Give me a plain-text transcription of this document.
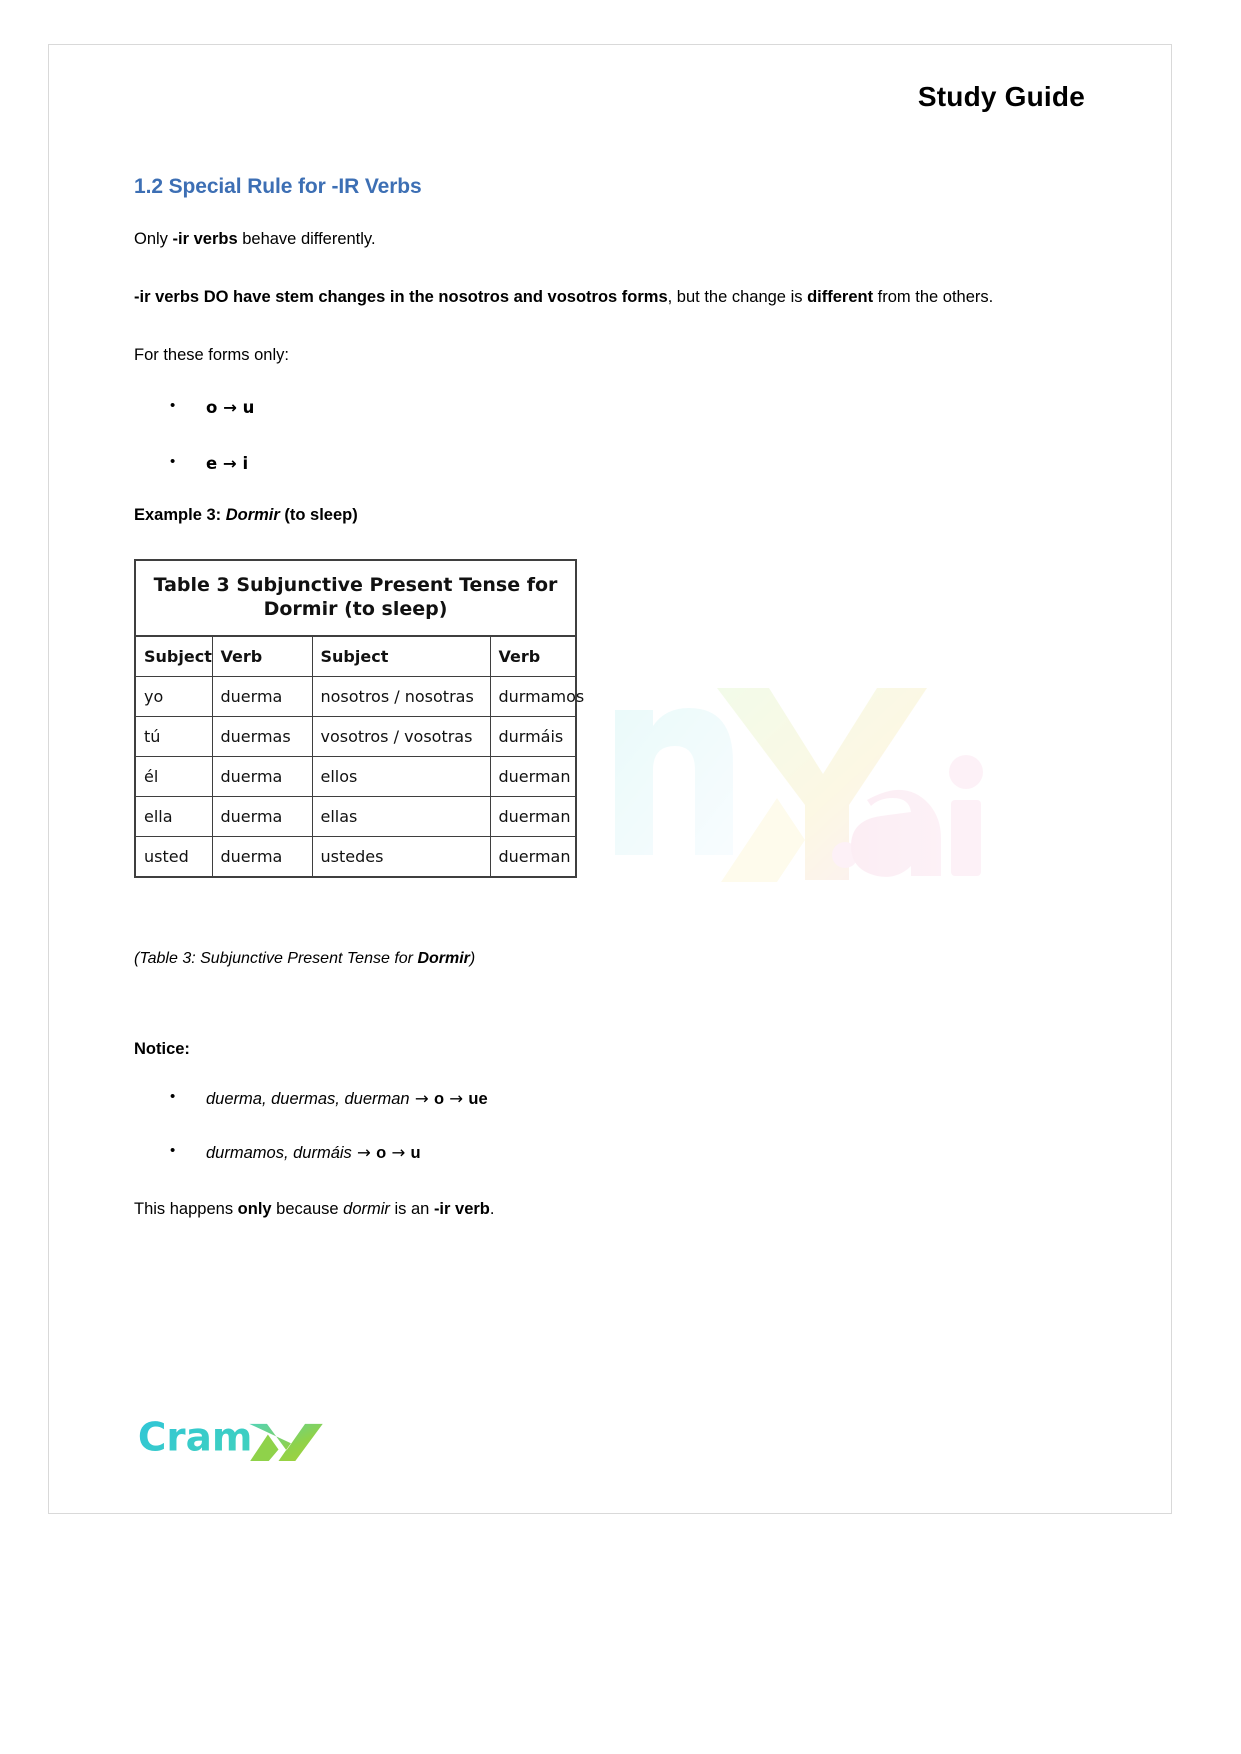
Study Guide
1.2 Special Rule for -IR Verbs

Only -ir verbs behave differently.

-ir verbs DO have stem changes in the nosotros and vosotros forms, but the change is different from the others.

For these forms only:

• o → u
• e → i

Example 3: Dormir (to sleep)

Table 3 Subjunctive Present Tense for
Dormir (to sleep)
Subject	Verb	Subject	Verb
yo	duerma	nosotros / nosotras	durmamos
tú	duermas	vosotros / vosotras	durmáis
él	duerma	ellos	duerman
ella	duerma	ellas	duerman
usted	duerma	ustedes	duerman

(Table 3: Subjunctive Present Tense for Dormir)

Notice:

• duerma, duermas, duerman → o → ue
• durmamos, durmáis → o → u

This happens only because dormir is an -ir verb.

Cram
